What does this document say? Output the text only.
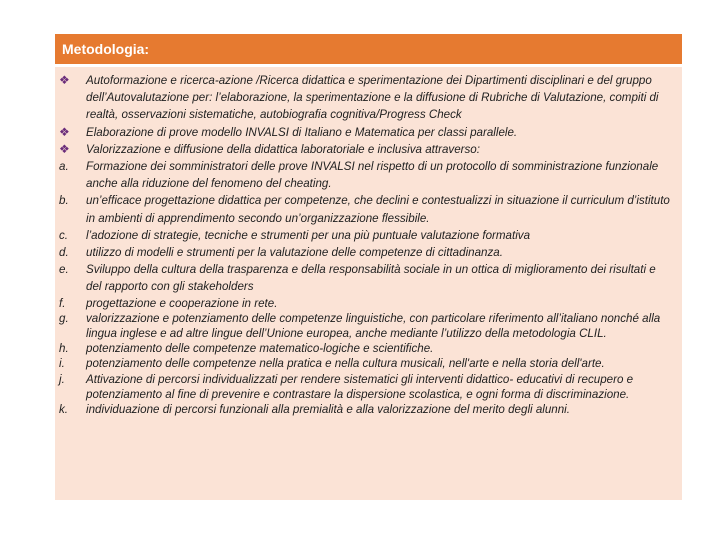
Metodologia:
❖	Autoformazione e ricerca-azione /Ricerca didattica e sperimentazione dei Dipartimenti disciplinari e del gruppo dell’Autovalutazione per: l’elaborazione, la sperimentazione e la diffusione di Rubriche di Valutazione, compiti di realtà, osservazioni sistematiche, autobiografia cognitiva/Progress Check
❖	Elaborazione di prove modello INVALSI di Italiano e Matematica per classi parallele.
❖	Valorizzazione e diffusione della didattica laboratoriale e inclusiva attraverso:
a.	Formazione dei somministratori delle prove INVALSI nel rispetto di un protocollo di somministrazione funzionale anche alla riduzione del fenomeno del cheating.
b.	un’efficace progettazione didattica per competenze, che declini e contestualizzi in situazione il curriculum d’istituto in ambienti di apprendimento secondo un’organizzazione flessibile.
c.	l’adozione di strategie, tecniche e strumenti per una più puntuale valutazione formativa
d.	utilizzo di modelli e strumenti per la valutazione delle competenze di cittadinanza.
e.	Sviluppo della cultura della trasparenza e della responsabilità sociale in un ottica di miglioramento dei risultati e del rapporto con gli stakeholders
f.	progettazione e cooperazione in rete.
g.	valorizzazione e potenziamento delle competenze linguistiche, con particolare riferimento all’italiano nonché alla lingua inglese e ad altre lingue dell’Unione europea, anche mediante l’utilizzo della metodologia CLIL.
h.	potenziamento delle competenze matematico-logiche e scientifiche.
i.	potenziamento delle competenze nella pratica e nella cultura musicali, nell'arte e nella storia dell'arte.
j.	Attivazione di percorsi individualizzati per rendere sistematici gli interventi didattico- educativi di recupero e potenziamento al fine di prevenire e contrastare la dispersione scolastica, e ogni forma di discriminazione.
k.	individuazione di percorsi funzionali alla premialità e alla valorizzazione del merito degli alunni.
